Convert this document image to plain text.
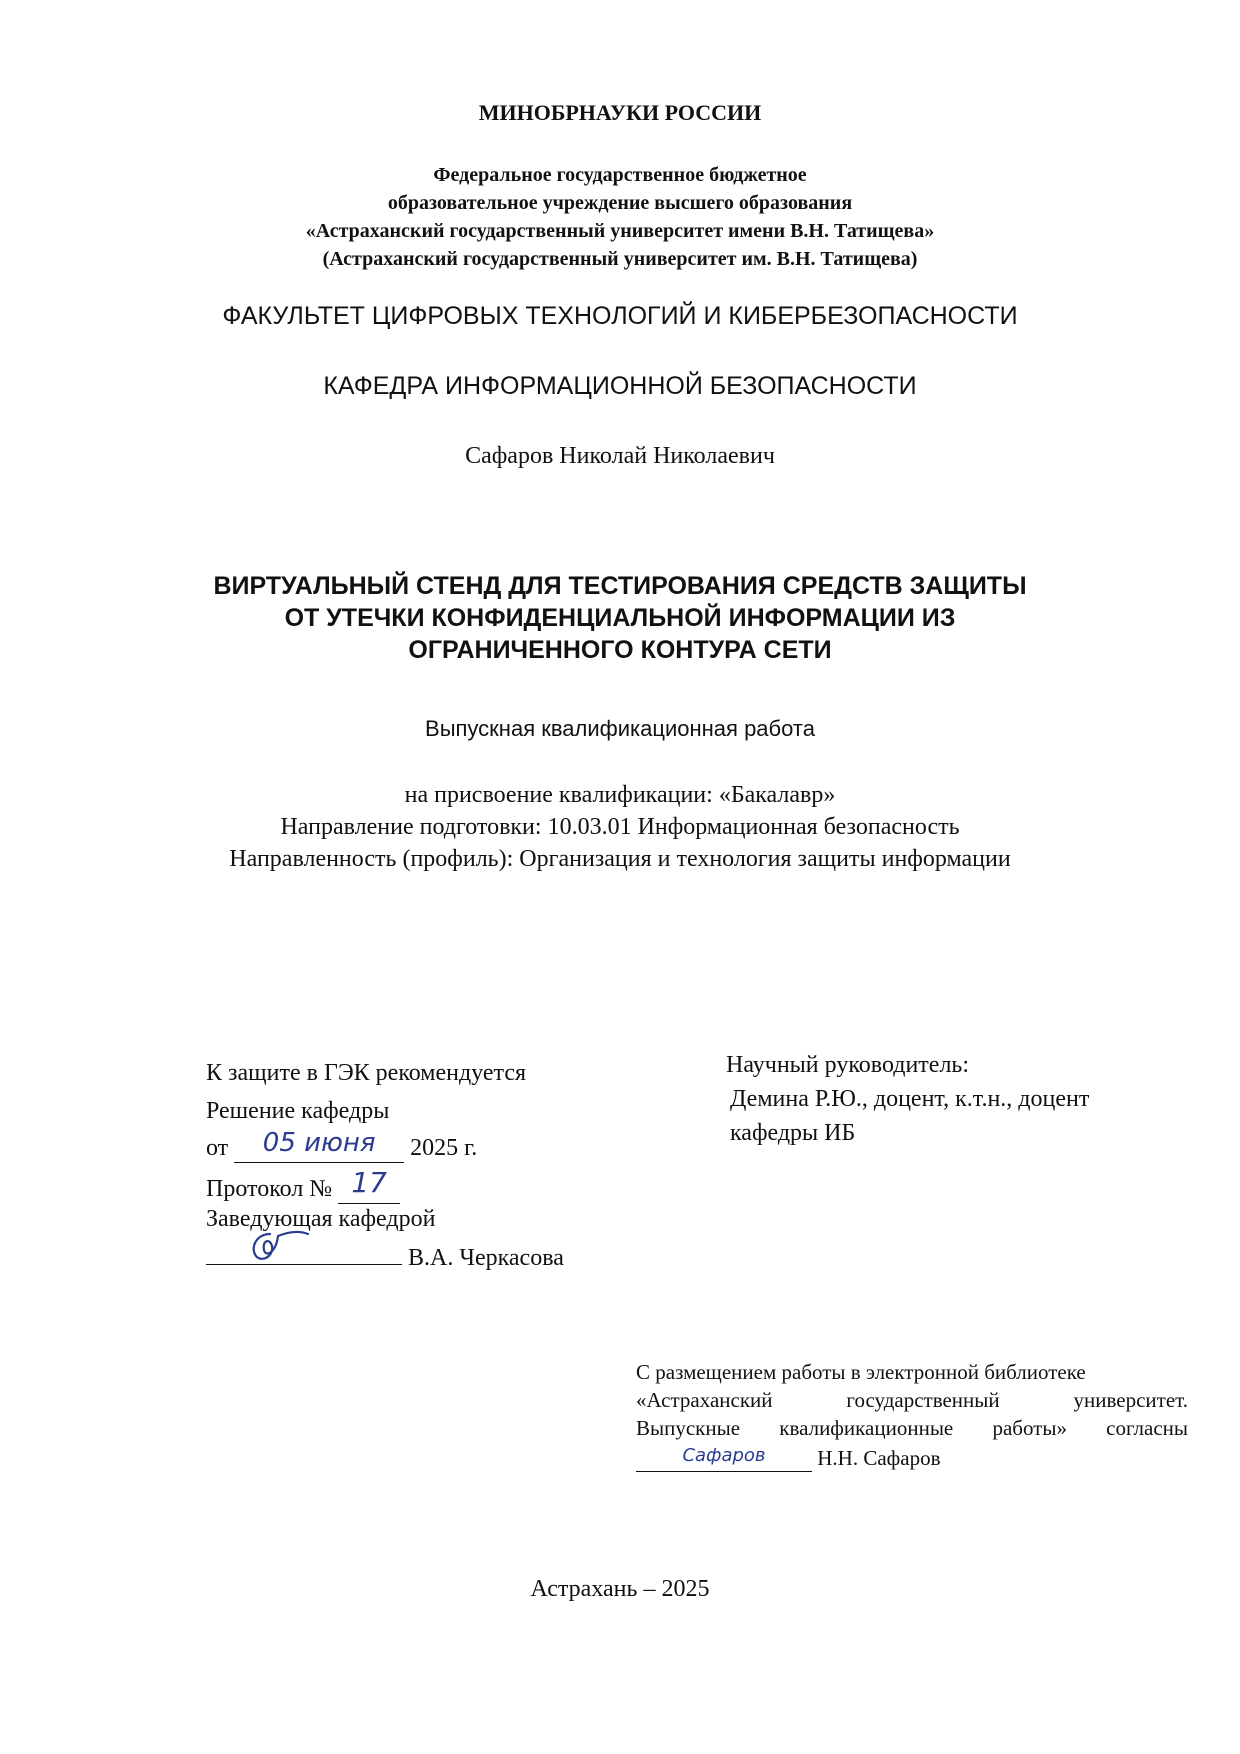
МИНОБРНАУКИ РОССИИ
Федеральное государственное бюджетное
образовательное учреждение высшего образования
«Астраханский государственный университет имени В.Н. Татищева»
(Астраханский государственный университет им. В.Н. Татищева)
ФАКУЛЬТЕТ ЦИФРОВЫХ ТЕХНОЛОГИЙ И КИБЕРБЕЗОПАСНОСТИ
КАФЕДРА ИНФОРМАЦИОННОЙ БЕЗОПАСНОСТИ
Сафаров Николай Николаевич
ВИРТУАЛЬНЫЙ СТЕНД ДЛЯ ТЕСТИРОВАНИЯ СРЕДСТВ ЗАЩИТЫ
ОТ УТЕЧКИ КОНФИДЕНЦИАЛЬНОЙ ИНФОРМАЦИИ ИЗ
ОГРАНИЧЕННОГО КОНТУРА СЕТИ
Выпускная квалификационная работа
на присвоение квалификации: «Бакалавр»
Направление подготовки: 10.03.01 Информационная безопасность
Направленность (профиль): Организация и технология защиты информации
К защите в ГЭК рекомендуется
Решение кафедры
от 05 июня 2025 г.
Протокол № 17
Заведующая кафедрой
В.А. Черкасова
Научный руководитель:
Демина Р.Ю., доцент, к.т.н., доцент
кафедры ИБ
С размещением работы в электронной библиотеке
«Астраханский государственный университет.
Выпускные квалификационные работы» согласны
Сафаров Н.Н. Сафаров
Астрахань – 2025
